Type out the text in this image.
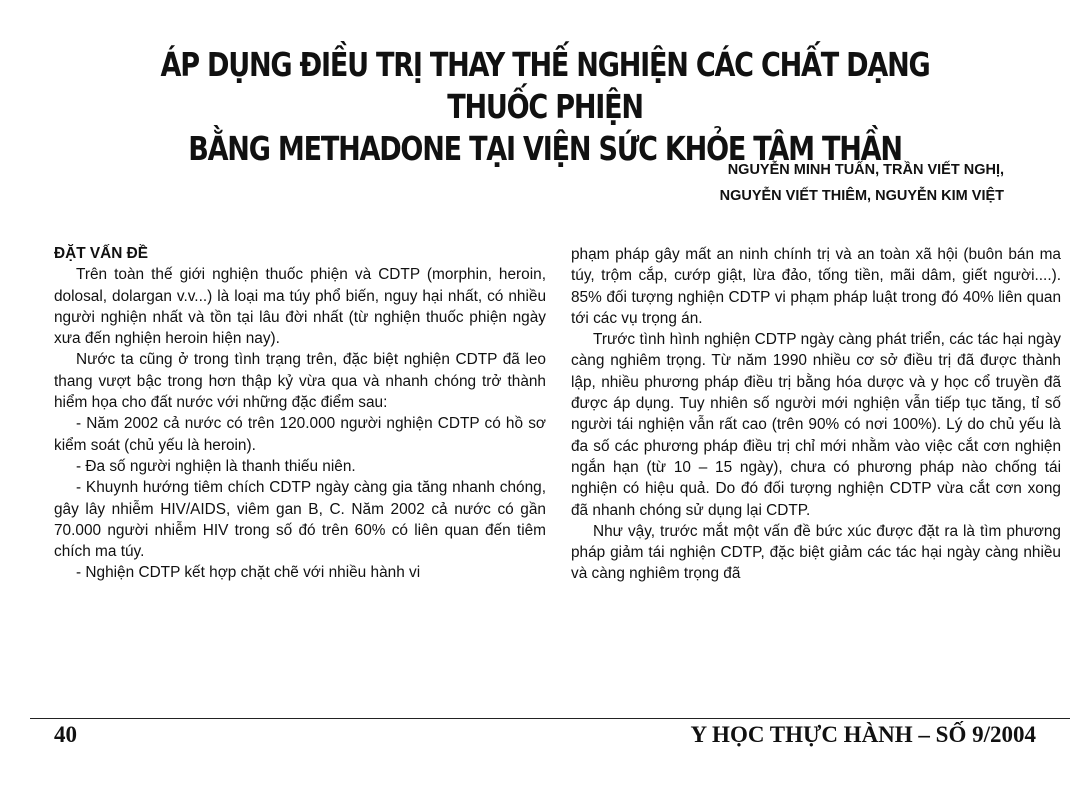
ÁP DỤNG ĐIỀU TRỊ THAY THẾ NGHIỆN CÁC CHẤT DẠNG THUỐC PHIỆN
BẰNG METHADONE TẠI VIỆN SỨC KHỎE TÂM THẦN
NGUYỄN MINH TUẤN, TRẦN VIẾT NGHỊ,
NGUYỄN VIẾT THIÊM, NGUYỄN KIM VIỆT
ĐẶT VẤN ĐỀ

Trên toàn thế giới nghiện thuốc phiện và CDTP (morphin, heroin, dolosal, dolargan v.v...) là loại ma túy phổ biến, nguy hại nhất, có nhiều người nghiện nhất và tồn tại lâu đời nhất (từ nghiện thuốc phiện ngày xưa đến nghiện heroin hiện nay).

Nước ta cũng ở trong tình trạng trên, đặc biệt nghiện CDTP đã leo thang vượt bậc trong hơn thập kỷ vừa qua và nhanh chóng trở thành hiểm họa cho đất nước với những đặc điểm sau:

- Năm 2002 cả nước có trên 120.000 người nghiện CDTP có hồ sơ kiểm soát (chủ yếu là heroin).

- Đa số người nghiện là thanh thiếu niên.

- Khuynh hướng tiêm chích CDTP ngày càng gia tăng nhanh chóng, gây lây nhiễm HIV/AIDS, viêm gan B, C. Năm 2002 cả nước có gần 70.000 người nhiễm HIV trong số đó trên 60% có liên quan đến tiêm chích ma túy.

- Nghiện CDTP kết hợp chặt chẽ với nhiều hành vi

phạm pháp gây mất an ninh chính trị và an toàn xã hội (buôn bán ma túy, trộm cắp, cướp giật, lừa đảo, tống tiền, mãi dâm, giết người....). 85% đối tượng nghiện CDTP vi phạm pháp luật trong đó 40% liên quan tới các vụ trọng án.

Trước tình hình nghiện CDTP ngày càng phát triển, các tác hại ngày càng nghiêm trọng. Từ năm 1990 nhiều cơ sở điều trị đã được thành lập, nhiều phương pháp điều trị bằng hóa dược và y học cổ truyền đã được áp dụng. Tuy nhiên số người mới nghiện vẫn tiếp tục tăng, tỉ số người tái nghiện vẫn rất cao (trên 90% có nơi 100%). Lý do chủ yếu là đa số các phương pháp điều trị chỉ mới nhằm vào việc cắt cơn nghiện ngắn hạn (từ 10 – 15 ngày), chưa có phương pháp nào chống tái nghiện có hiệu quả. Do đó đối tượng nghiện CDTP vừa cắt cơn xong đã nhanh chóng sử dụng lại CDTP.

Như vậy, trước mắt một vấn đề bức xúc được đặt ra là tìm phương pháp giảm tái nghiện CDTP, đặc biệt giảm các tác hại ngày càng nhiều và càng nghiêm trọng đã

40	Y HỌC THỰC HÀNH – SỐ 9/2004
